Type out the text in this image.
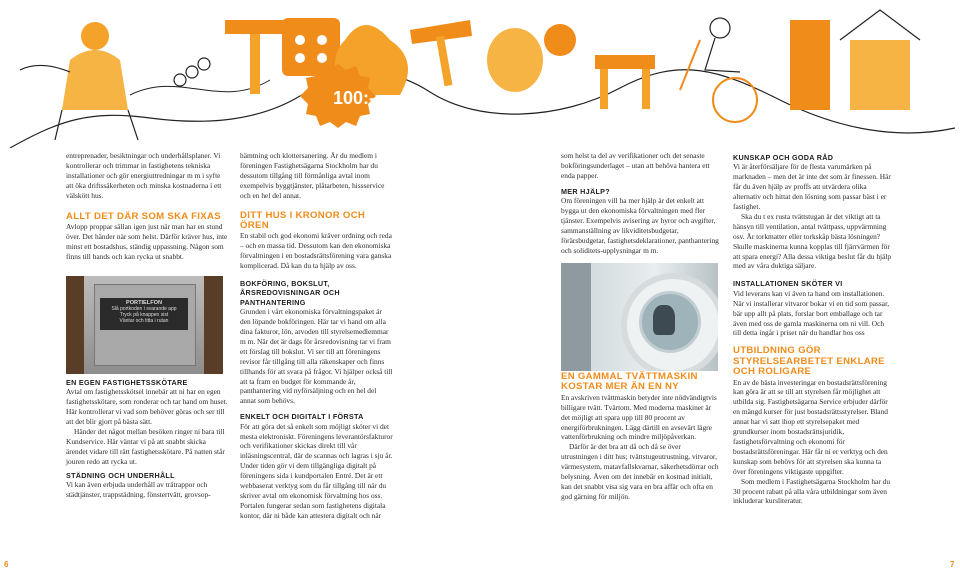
100:-

entreprenader, besiktningar och underhållsplaner. Vi kontrollerar och trimmar in fastighetens tekniska installationer och gör energiuttredningar m m i syfte att öka driftssäkerheten och minska kostnaderna i ett välskött hus.

ALLT DET DÄR SOM SKA FIXAS

Avlopp proppar sällan igen just när man har en stund över. Det händer när som helst. Därför kräver hus, inte minst ett bostadshus, ständig uppassning. Någon som finns till hands och kan rycka ut snabbt.

PORTIELFON
Slå portkoden i svarande app
Tryck på knappen sist
Väntar och titta i rutan
EN EGEN FASTIGHETSSKÖTARE

Avtal om fastighetsskötsel innebär att ni har en egen fastighetsskötare, som ronderar och tar hand om huset. Här kontrollerar vi vad som behöver göras och ser till att det blir gjort på bästa sätt.

Händer det något mellan besöken ringer ni bara till Kundservice. Här väntar vi på att snabbt skicka ärendet vidare till rätt fastighetsskötare. På natten står jouren redo att rycka ut.

STÄDNING OCH UNDERHÅLL

Vi kan även erbjuda underhåll av trätrappor och städtjänster, trappstädning, fönstertvätt, grovsop-

hämtning och klottersanering. Är du medlem i föreningen Fastighetsägarna Stockholm har du dessutom tillgång till förmånliga avtal inom exempelvis byggtjänster, plåtarbeten, hissservice och en hel del annat.

DITT HUS I KRONOR OCH ÖREN

En stabil och god ekonomi kräver ordning och reda – och en massa tid. Dessutom kan den ekonomiska förvaltningen i en bostadsrättsförening vara ganska komplicerad. Då kan du ta hjälp av oss.

BOKFÖRING, BOKSLUT, ÅRSREDOVISNINGAR OCH PANTHANTERING

Grunden i vårt ekonomiska förvaltningspaket är den löpande bokföringen. Här tar vi hand om alla dina fakturor, lön, arvoden till styrelsemedlemmar m m. När det är dags för årsredovisning tar vi fram ett förslag till bokslut. Vi ser till att föreningens revisor får tillgång till alla räkenskaper och finns tillhands för att svara på frågor. Vi hjälper också till att ta fram en budget för kommande år, panthantering vid nyförsäljning och en hel del annat som behövs.

ENKELT OCH DIGITALT I FÖRSTA

För att göra det så enkelt som möjligt sköter vi det mesta elektroniskt. Föreningens leverantörsfakturor och verifikationer skickas direkt till vår inläsningscentral, där de scannas och lagras i sju år. Under tiden gör vi dem tillgängliga digitalt på föreningens sida i kundportalen Entré. Det är ett webbaserat verktyg som du får tillgång till när du skriver avtal om ekonomisk förvaltning hos oss. Portalen fungerar sedan som fastighetens digitala kontor, där ni både kan attestera digitalt och när

som helst ta del av verifikationer och det senaste bokföringsunderlaget – utan att behöva hantera ett enda papper.

MER HJÄLP?

Om föreningen vill ha mer hjälp är det enkelt att bygga ut den ekonomiska förvaltningen med fler tjänster. Exempelvis avisering av hyror och avgifter, sammanställning av likviditetsbudgetar, förärsbudgetar, fastighetsdeklarationer, panthantering och soliditets-upplysningar m m.

EN GAMMAL TVÄTTMASKIN KOSTAR MER ÄN EN NY

En avskriven tvättmaskin betyder inte nödvändigtvis billigare tvätt. Tvärtom. Med moderna maskiner är det möjligt att spara upp till 80 procent av energiförbrukningen. Lägg därtill en avsevärt lägre vattenförbrukning och mindre miljöpåverkan.

Därför är det bra att då och då se över utrustningen i ditt hus; tvättstugeutrustning, vitvaror, värmesystem, matavfallskvarnar, säkerhetsdörrar och belysning. Även om det innebär en kostnad initialt, kan det snabbt visa sig vara en bra affär och ofta en god gärning för miljön.

KUNSKAP OCH GODA RÅD

Vi är återförsäljare för de flesta varumärken på marknaden – men det är inte det som är finessen. Här får du även hjälp av proffs att utvärdera olika alternativ och hittat den lösning som passar bäst i er fastighet.

Ska du t ex rusta tvättstugan är det viktigt att ta hänsyn till ventilation, antal tvättpass, uppvärmning osv. Är torkmatter eller torkskåp bästa lösningen? Skulle maskinerna kunna kopplas till fjärrvärmen för att spara energi? Alla dessa viktiga beslut får du hjälp med av våra duktiga säljare.

INSTALLATIONEN SKÖTER VI

Vid leverans kan vi även ta hand om installationen. När vi installerar vitvaror bokar vi en tid som passar, bär upp allt på plats, forslar bort emballage och tar även med oss de gamla maskinerna om ni vill. Och till detta ingår i priset när du handlar hos oss

UTBILDNING GÖR STYRELSEARBETET ENKLARE OCH ROLIGARE

En av de bästa investeringar en bostadsrättsförening kan göra är att se till att styrelsen får möjlighet att utbilda sig. Fastighetsägarna Service erbjuder därför en mängd kurser för just bostadsrättsstyrelser. Bland annat har vi satt ihop ett styrelsepaket med grundkurser inom bostadsrättsjuridik, fastighetsförvaltning och ekonomi för bostadsrättsföreningar. Här får ni er verktyg och den kunskap som behövs för att styrelsen ska kunna ta över föreningens viktigaste uppgifter.

Som medlem i Fastighetsägarna Stockholm har du 30 procent rabatt på alla våra utbildningar som även inkluderar kursliteratur.

6	7
